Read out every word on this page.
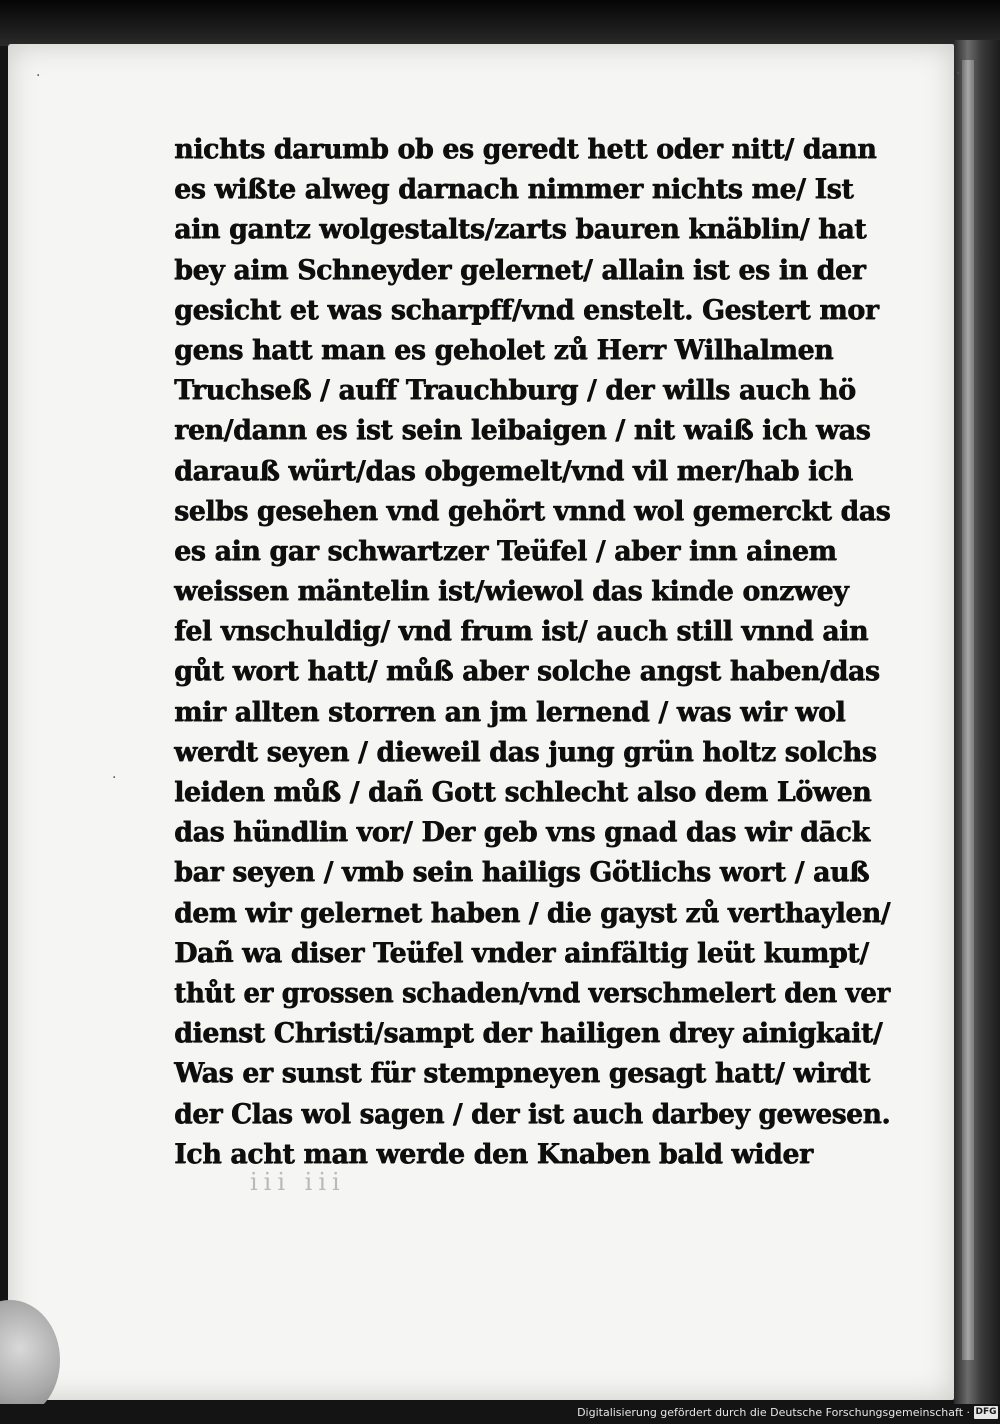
·	·
·
nichts darumb ob es geredt hett oder nitt/ dann
es wißte alweg darnach nimmer nichts me/ Ist
ain gantz wolgestalts/zarts bauren knäblin/ hat
bey aim Schneyder gelernet/ allain ist es in der
gesicht et was scharpff/vnd enstelt. Gestert mor
gens hatt man es geholet zů Herr Wilhalmen
Truchseß / auff Trauchburg / der wills auch hö
ren/dann es ist sein leibaigen / nit waiß ich was
darauß würt/das obgemelt/vnd vil mer/hab ich
selbs gesehen vnd gehört vnnd wol gemerckt das
es ain gar schwartzer Teüfel / aber inn ainem
weissen mäntelin ist/wiewol das kinde onzwey
fel vnschuldig/ vnd frum ist/ auch still vnnd ain
gůt wort hatt/ můß aber solche angst haben/das
mir allten storren an jm lernend / was wir wol
werdt seyen / dieweil das jung grün holtz solchs
leiden můß / dañ Gott schlecht also dem Löwen
das hündlin vor/ Der geb vns gnad das wir dāck
bar seyen / vmb sein hailigs Götlichs wort / auß
dem wir gelernet haben / die gayst zů verthaylen/
Dañ wa diser Teüfel vnder ainfältig leüt kumpt/
thůt er grossen schaden/vnd verschmelert den ver
dienst Christi/sampt der hailigen drey ainigkait/
Was er sunst für stempneyen gesagt hatt/ wirdt
der Clas wol sagen / der ist auch darbey gewesen.
Ich acht man werde den Knaben bald wider
iii iii
Digitalisierung gefördert durch die Deutsche Forschungsgemeinschaft · DFG
